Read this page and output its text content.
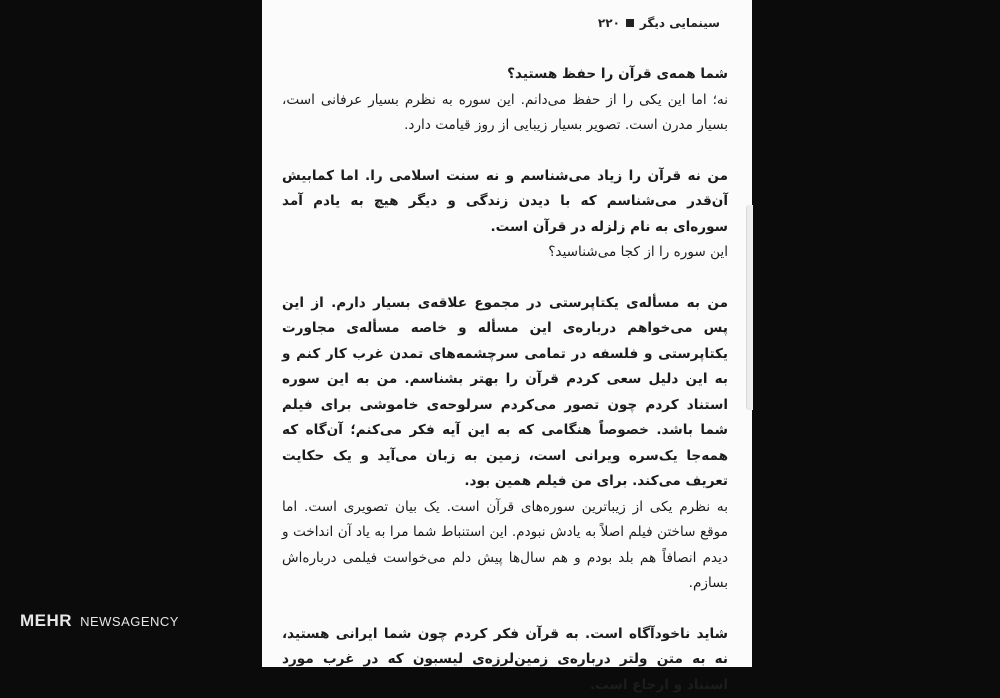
۲۲۰ سینمایی دیگر

شما همه‌ی قرآن را حفظ هستید؟

نه؛ اما این یکی را از حفظ می‌دانم. این سوره به نظرم بسیار عرفانی است، بسیار مدرن است. تصویر بسیار زیبایی از روز قیامت دارد.

من نه قرآن را زیاد می‌شناسم و نه سنت اسلامی را. اما کمابیش آن‌قدر می‌شناسم که با دیدن زندگی و دیگر هیچ به یادم آمد سوره‌ای به نام زلزله در قرآن است.

این سوره را از کجا می‌شناسید؟

من به مسأله‌ی یکتاپرستی در مجموع علاقه‌ی بسیار دارم. از این پس می‌خواهم درباره‌ی این مسأله و خاصه مسأله‌ی مجاورت یکتاپرستی و فلسفه در تمامی سرچشمه‌های تمدن غرب کار کنم و به این دلیل سعی کردم قرآن را بهتر بشناسم. من به این سوره استناد کردم چون تصور می‌کردم سرلوحه‌ی خاموشی برای فیلم شما باشد. خصوصاً هنگامی که به این آیه فکر می‌کنم؛ آن‌گاه که همه‌جا یک‌سره ویرانی است، زمین به زبان می‌آید و یک حکایت تعریف می‌کند. برای من فیلم همین بود.

به نظرم یکی از زیباترین سوره‌های قرآن است. یک بیان تصویری است. اما موقع ساختن فیلم اصلاً به یادش نبودم. این استنباط شما مرا به یاد آن انداخت و دیدم انصافاً هم بلد بودم و هم سال‌ها پیش دلم می‌خواست فیلمی درباره‌اش بسازم.

شاید ناخودآگاه است. به قرآن فکر کردم چون شما ایرانی هستید، نه به متن ولتر درباره‌ی زمین‌لرزه‌ی لیسبون که در غرب مورد استناد و ارجاع است.

MEHR NEWSAGENCY
